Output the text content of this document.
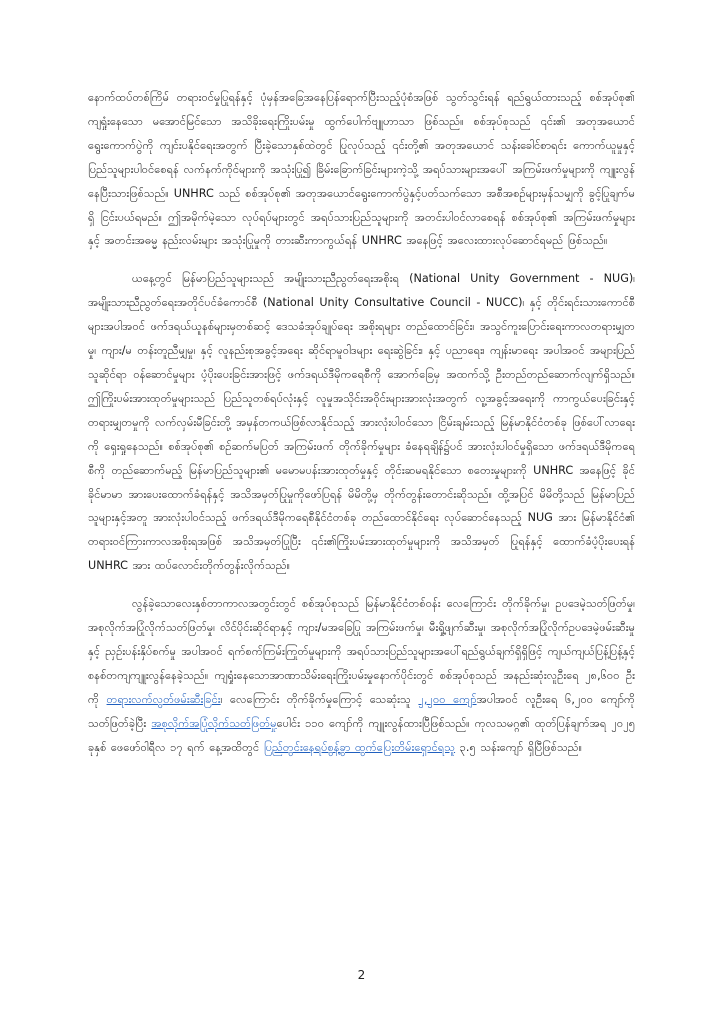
နောက်ထပ်တစ်ကြိမ် တရားဝင်မှုပြုရန်နှင့် ပုံမှန်အခြေအနေပြန်ရောက်ပြီးသည့်ပုံစံအဖြစ် သွတ်သွင်းရန် ရည်ရွယ်ထားသည့် စစ်အုပ်စု၏ ကျရှုံးနေသော မအောင်မြင်သော အသိခိုးရေးကြိုးပမ်းမှု ထွက်ပေါက်ဗျူဟာသာ ဖြစ်သည်။ စစ်အုပ်စုသည် ၎င်း၏ အတုအယောင် ရွေးကောက်ပွဲကို ကျင်းပနိုင်ရေးအတွက် ပြီးခဲ့သောနှစ်ထဲတွင် ပြုလုပ်သည့် ၎င်းတို့၏ အတုအယောင် သန်းခေါင်စာရင်း ကောက်ယူမှုနှင့် ပြည်သူများပါဝင်စေရန် လက်နက်ကိုင်များကို အသုံးပြု၍ ခြိမ်းခြောက်ခြင်းများကဲ့သို့ အရပ်သားများအပေါ် အကြမ်းဖက်မှုများကို ကျူးလွန်နေပြီးသားဖြစ်သည်။ UNHRC သည် စစ်အုပ်စု၏ အတုအယောင်ရွေးကောက်ပွဲနှင့်ပတ်သက်သော အစီအစဉ်များမှန်သမျှကို ခွင့်ပြုချက်မရှိ ငြင်းပယ်ရမည်။ ဤအမိုက်မဲ့သော လုပ်ရပ်များတွင် အရပ်သားပြည်သူများကို အတင်းပါဝင်လာစေရန် စစ်အုပ်စု၏ အကြမ်းဖက်မှုများနှင့် အတင်းအဓမ္မ နည်းလမ်းများ အသုံးပြုမှုကို တားဆီးကာကွယ်ရန် UNHRC အနေဖြင့် အလေးထားလုပ်ဆောင်ရမည် ဖြစ်သည်။

ယနေ့တွင် မြန်မာပြည်သူများသည် အမျိုးသားညီညွတ်ရေးအစိုးရ (National Unity Government - NUG)၊ အမျိုးသားညီညွတ်ရေးအတိုင်ပင်ခံကောင်စီ (National Unity Consultative Council - NUCC)၊ နှင့် တိုင်းရင်းသားကောင်စီများအပါအဝင် ဖက်ဒရယ်ယူနစ်များမှတစ်ဆင့် ဒေသခံအုပ်ချုပ်ရေး အစိုးရများ တည်ထောင်ခြင်း၊ အသွင်ကူးပြောင်းရေးကာလတရားမျှတမှု၊ ကျား/မ တန်းတူညီမျှမှု၊ နှင့် လူနည်းစုအခွင့်အရေး ဆိုင်ရာမူဝါဒများ ရေးဆွဲခြင်း၊ နှင့် ပညာရေး၊ ကျန်းမာရေး အပါအဝင် အများပြည်သူဆိုင်ရာ ဝန်ဆောင်မှုများ ပံ့ပိုးပေးခြင်းအားဖြင့် ဖက်ဒရယ်ဒီမိုကရေစီကို အောက်ခြေမှ အထက်သို့ ဦးတည်တည်ဆောက်လျက်ရှိသည်။ ဤကြိုးပမ်းအားထုတ်မှုများသည် ပြည်သူတစ်ရပ်လုံးနှင့် လူမှုအသိုင်းအဝိုင်းများအားလုံးအတွက် လူ့အခွင့်အရေးကို ကာကွယ်ပေးခြင်းနှင့် တရားမျှတမှုကို လက်လှမ်းမီခြင်းတို့ အမှန်တကယ်ဖြစ်လာနိုင်သည့် အားလုံးပါဝင်သော ငြိမ်းချမ်းသည့် မြန်မာနိုင်ငံတစ်ခု ဖြစ်ပေါ်လာရေးကို ရှေးရှုနေသည်။ စစ်အုပ်စု၏ စဉ်ဆက်မပြတ် အကြမ်းဖက် တိုက်ခိုက်မှုများ ခံနေရချိန်၌ပင် အားလုံးပါဝင်မှုရှိသော ဖက်ဒရယ်ဒီမိုကရေစီကို တည်ဆောက်မည့် မြန်မာပြည်သူများ၏ မမောမပန်းအားထုတ်မှုနှင့် တိုင်းဆမရနိုင်သော စတေးမှုများကို UNHRC အနေဖြင့် ခိုင်ခိုင်မာမာ အားပေးထောက်ခံရန်နှင့် အသိအမှတ်ပြုမှုကိုဖော်ပြရန် မိမိတို့မှ တိုက်တွန်းတောင်းဆိုသည်။ ထို့အပြင် မိမိတို့သည် မြန်မာပြည်သူများနှင့်အတူ အားလုံးပါဝင်သည့် ဖက်ဒရယ်ဒီမိုကရေစီနိုင်ငံတစ်ခု တည်ထောင်နိုင်ရေး လုပ်ဆောင်နေသည့် NUG အား မြန်မာနိုင်ငံ၏ တရားဝင်ကြားကာလအစိုးရအဖြစ် အသိအမှတ်ပြုပြီး ၎င်း၏ကြိုးပမ်းအားထုတ်မှုများကို အသိအမှတ် ပြုရန်နှင့် ထောက်ခံပံ့ပိုးပေးရန် UNHRC အား ထပ်လောင်းတိုက်တွန်းလိုက်သည်။

လွန်ခဲ့သောလေးနှစ်တာကာလအတွင်းတွင် စစ်အုပ်စုသည် မြန်မာနိုင်ငံတစ်ဝန်း လေကြောင်း တိုက်ခိုက်မှု၊ ဥပဒေမဲ့သတ်ဖြတ်မှု၊ အစုလိုက်အပြုံလိုက်သတ်ဖြတ်မှု၊ လိင်ပိုင်းဆိုင်ရာနှင့် ကျား/မအခြေပြု အကြမ်းဖက်မှု၊ မီးရှို့ဖျက်ဆီးမှု၊ အစုလိုက်အပြုံလိုက်ဥပဒေမဲ့ဖမ်းဆီးမှုနှင့် ညှဉ်းပန်းနှိပ်စက်မှု အပါအဝင် ရက်စက်ကြမ်းကြုတ်မှုများကို အရပ်သားပြည်သူများအပေါ်ရည်ရွယ်ချက်ရှိရှိဖြင့် ကျယ်ကျယ်ပြန့်ပြန့်နှင့် စနစ်တကျကျူးလွန်နေခဲ့သည်။ ကျရှုံးနေသောအာဏာသိမ်းရေးကြိုးပမ်းမှုနောက်ပိုင်းတွင် စစ်အုပ်စုသည် အနည်းဆုံးလူဦးရေ ၂၈,၆၀၀ ဦးကို တရားလက်လွတ်ဖမ်းဆီးခြင်း၊ လေကြောင်း တိုက်ခိုက်မှုကြောင့် သေဆုံးသူ ၂,၂၀၀ ကျော်အပါအဝင် လူဦးရေ ၆,၂၀၀ ကျော်ကို သတ်ဖြတ်ခဲ့ပြီး အစုလိုက်အပြုံလိုက်သတ်ဖြတ်မှုပေါင်း ၁၁၀ ကျော်ကို ကျူးလွန်ထားပြီဖြစ်သည်။ ကုလသမဂ္ဂ၏ ထုတ်ပြန်ချက်အရ ၂၀၂၅ ခုနှစ် ဖေဖော်ဝါရီလ ၁၇ ရက် နေ့အထိတွင် ပြည်တွင်းနေရပ်စွန့်ခွာ ထွက်ပြေးတိမ်းရှောင်ရသူ ၃.၅ သန်းကျော် ရှိပြီဖြစ်သည်။

2
